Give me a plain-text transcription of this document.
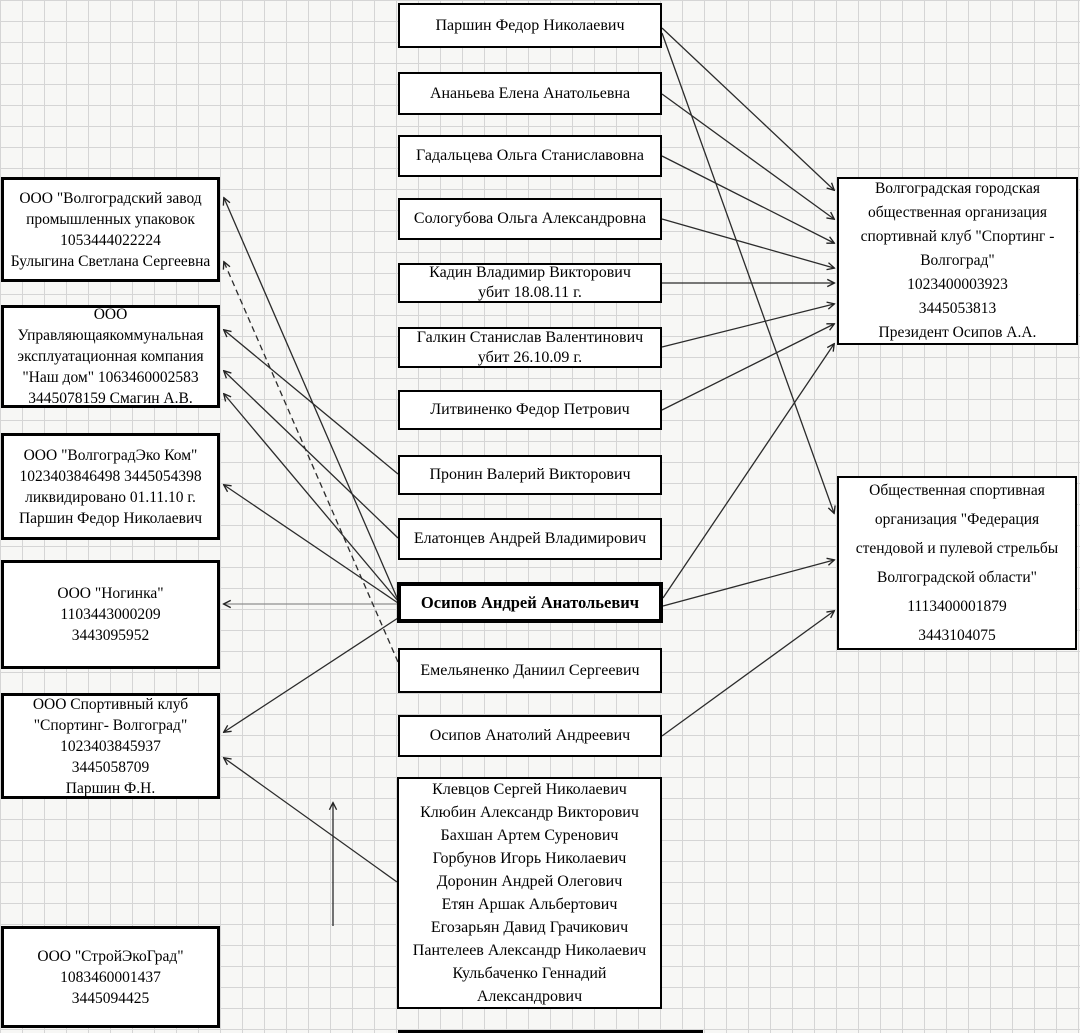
ООО "Волгоградский завод
промышленных упаковок
1053444022224
Булыгина Светлана Сергеевна
ООО
Управляющаякоммунальная
эксплуатационная компания
"Наш дом" 1063460002583
3445078159 Смагин А.В.
ООО "ВолгоградЭко Ком"
1023403846498 3445054398
ликвидировано 01.11.10 г.
Паршин Федор Николаевич
ООО "Ногинка"
1103443000209
3443095952
ООО Спортивный клуб
"Спортинг- Волгоград"
1023403845937
3445058709
Паршин Ф.Н.
ООО "СтройЭкоГрад"
1083460001437
3445094425
Паршин Федор Николаевич
Ананьева Елена Анатольевна
Гадальцева Ольга Станиславовна
Сологубова Ольга Александровна
Кадин Владимир Викторович
убит 18.08.11 г.
Галкин Станислав Валентинович
убит 26.10.09 г.
Литвиненко Федор Петрович
Пронин Валерий Викторович
Елатонцев Андрей Владимирович
Осипов Андрей Анатольевич
Емельяненко Даниил Сергеевич
Осипов Анатолий Андреевич
Клевцов Сергей Николаевич
Клюбин Александр Викторович
Бахшан Артем Суренович
Горбунов Игорь Николаевич
Доронин Андрей Олегович
Етян Аршак Альбертович
Егозарьян Давид Грачикович
Пантелеев Александр Николаевич
Кульбаченко Геннадий
Александрович
Волгоградская городская
общественная организация
спортивнай клуб "Спортинг -
Волгоград"
1023400003923
3445053813
Президент Осипов А.А.
Общественная спортивная
организация "Федерация
стендовой и пулевой стрельбы
Волгоградской области"
1113400001879
3443104075
